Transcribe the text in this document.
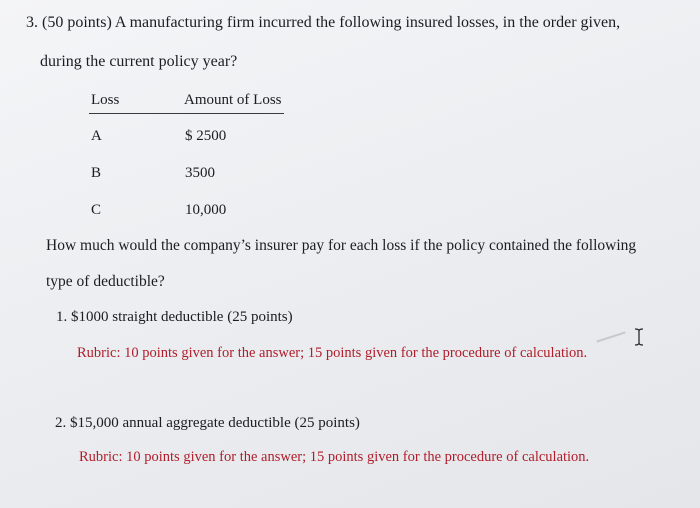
3. (50 points) A manufacturing firm incurred the following insured losses, in the order given,
during the current policy year?
Loss	Amount of Loss
A	$ 2500
B	3500
C	10,000
How much would the company’s insurer pay for each loss if the policy contained the following
type of deductible?
1. $1000 straight deductible (25 points)
Rubric: 10 points given for the answer; 15 points given for the procedure of calculation.
2. $15,000 annual aggregate deductible (25 points)
Rubric: 10 points given for the answer; 15 points given for the procedure of calculation.
